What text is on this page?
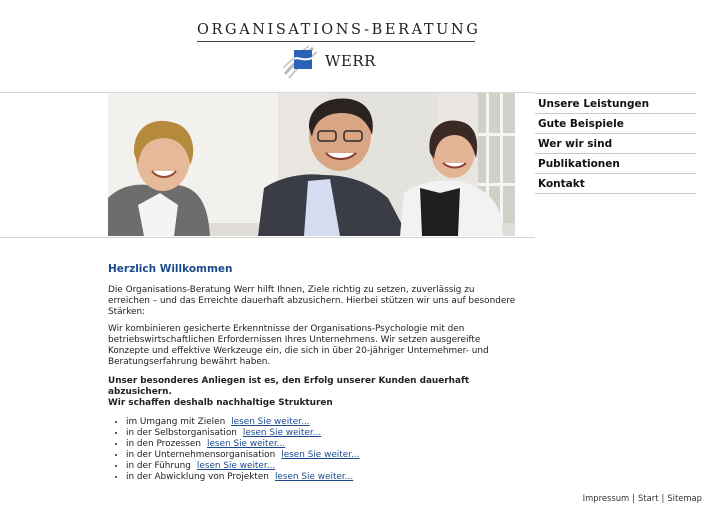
ORGANISATIONS-BERATUNG
WERR
Unsere Leistungen
Gute Beispiele
Wer wir sind
Publikationen
Kontakt
Herzlich Willkommen

Die Organisations-Beratung Werr hilft Ihnen, Ziele richtig zu setzen, zuverlässig zu erreichen – und das Erreichte dauerhaft abzusichern. Hierbei stützen wir uns auf besondere Stärken:

Wir kombinieren gesicherte Erkenntnisse der Organisations-Psychologie mit den betriebswirtschaftlichen Erfordernissen Ihres Unternehmens. Wir setzen ausgereifte Konzepte und effektive Werkzeuge ein, die sich in über 20-jähriger Unternehmer- und Beratungserfahrung bewährt haben.

Unser besonderes Anliegen ist es, den Erfolg unserer Kunden dauerhaft abzusichern.
Wir schaffen deshalb nachhaltige Strukturen

• im Umgang mit Zielen lesen Sie weiter...
• in der Selbstorganisation lesen Sie weiter...
• in den Prozessen lesen Sie weiter...
• in der Unternehmensorganisation lesen Sie weiter...
• in der Führung lesen Sie weiter...
• in der Abwicklung von Projekten lesen Sie weiter...
Impressum | Start | Sitemap
